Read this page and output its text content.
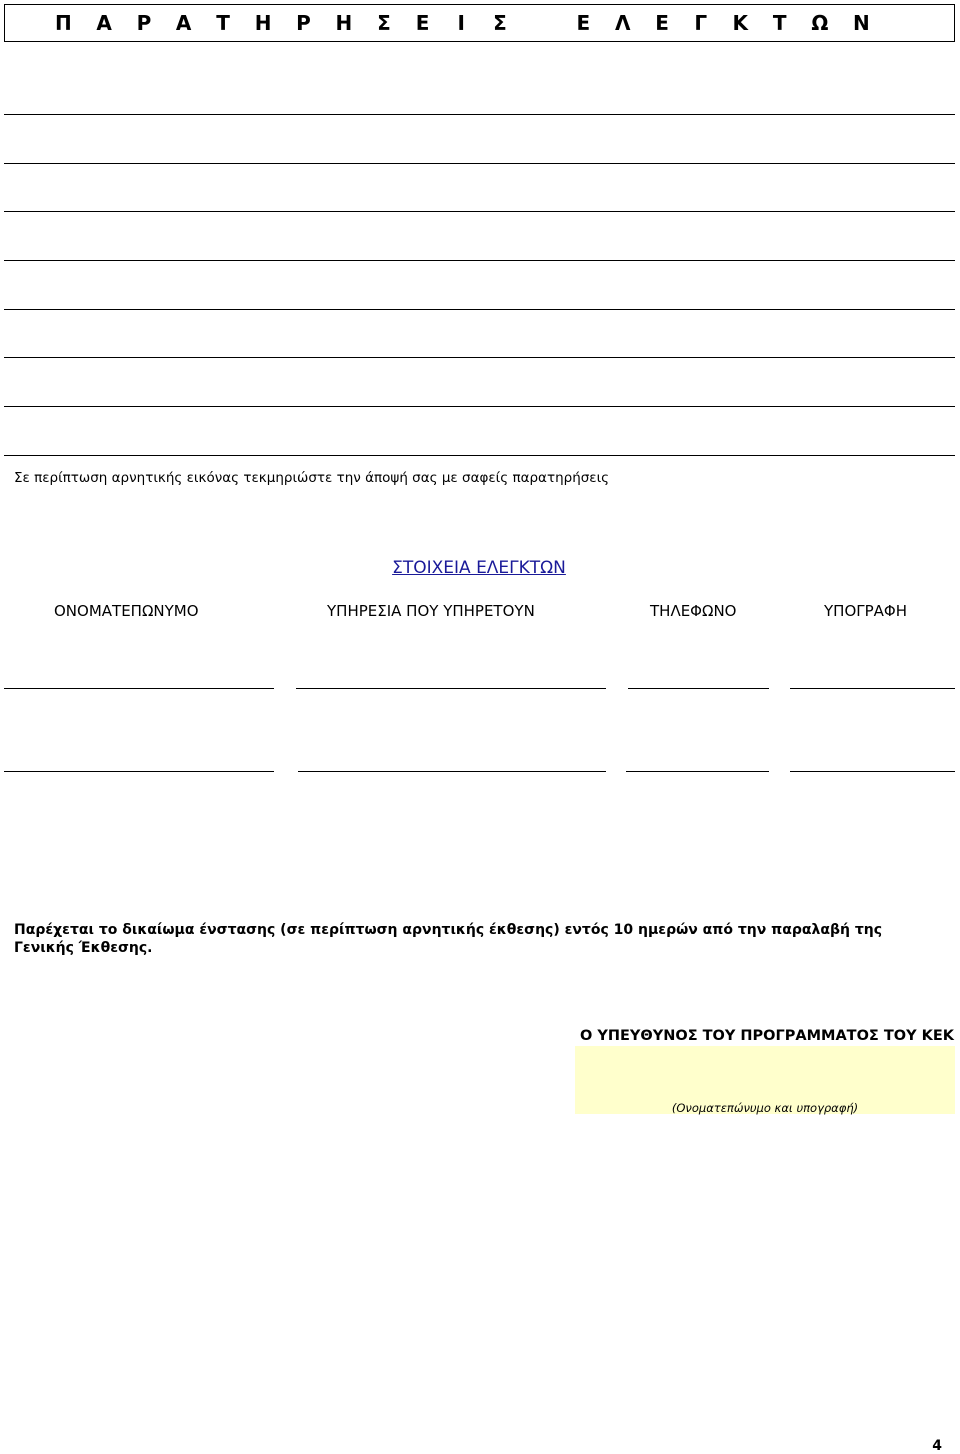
Π Α Ρ Α Τ Η Ρ Η Σ Ε Ι Σ	Ε Λ Ε Γ Κ Τ Ω Ν
Σε περίπτωση αρνητικής εικόνας τεκμηριώστε την άποψή σας με σαφείς παρατηρήσεις
ΣΤΟΙΧΕΙΑ ΕΛΕΓΚΤΩΝ
ΟΝΟΜΑΤΕΠΩΝΥΜΟ	ΥΠΗΡΕΣΙΑ ΠΟΥ ΥΠΗΡΕΤΟΥΝ	ΤΗΛΕΦΩΝΟ	ΥΠΟΓΡΑΦΗ
Παρέχεται το δικαίωμα ένστασης (σε περίπτωση αρνητικής έκθεσης) εντός 10 ημερών από την παραλαβή της Γενικής Έκθεσης.
Ο ΥΠΕΥΘΥΝΟΣ ΤΟΥ ΠΡΟΓΡΑΜΜΑΤΟΣ ΤΟΥ ΚΕΚ
(Ονοματεπώνυμο και υπογραφή)
4
